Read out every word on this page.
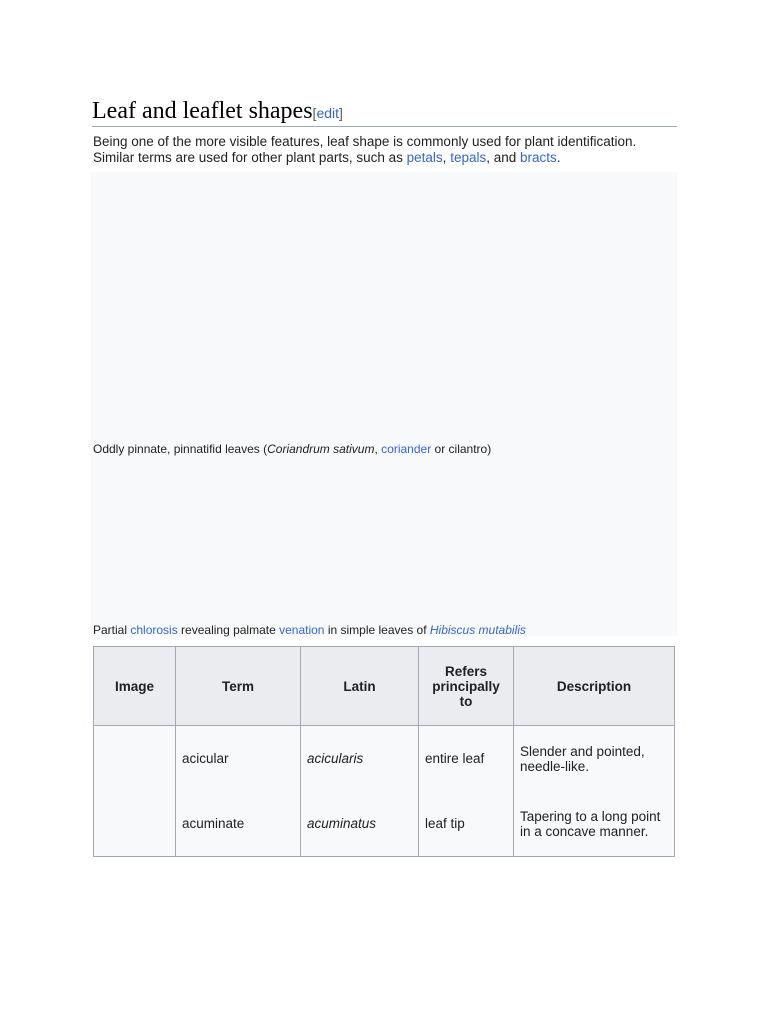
Leaf and leaflet shapes[edit]

Being one of the more visible features, leaf shape is commonly used for plant identification. Similar terms are used for other plant parts, such as petals, tepals, and bracts.

Oddly pinnate, pinnatifid leaves (Coriandrum sativum, coriander or cilantro)
Partial chlorosis revealing palmate venation in simple leaves of Hibiscus mutabilis
Image	Term	Latin	Refers
principally
to	Description
	acicular	acicularis	entire leaf	Slender and pointed, needle-like.
	acuminate	acuminatus	leaf tip	Tapering to a long point in a concave manner.
